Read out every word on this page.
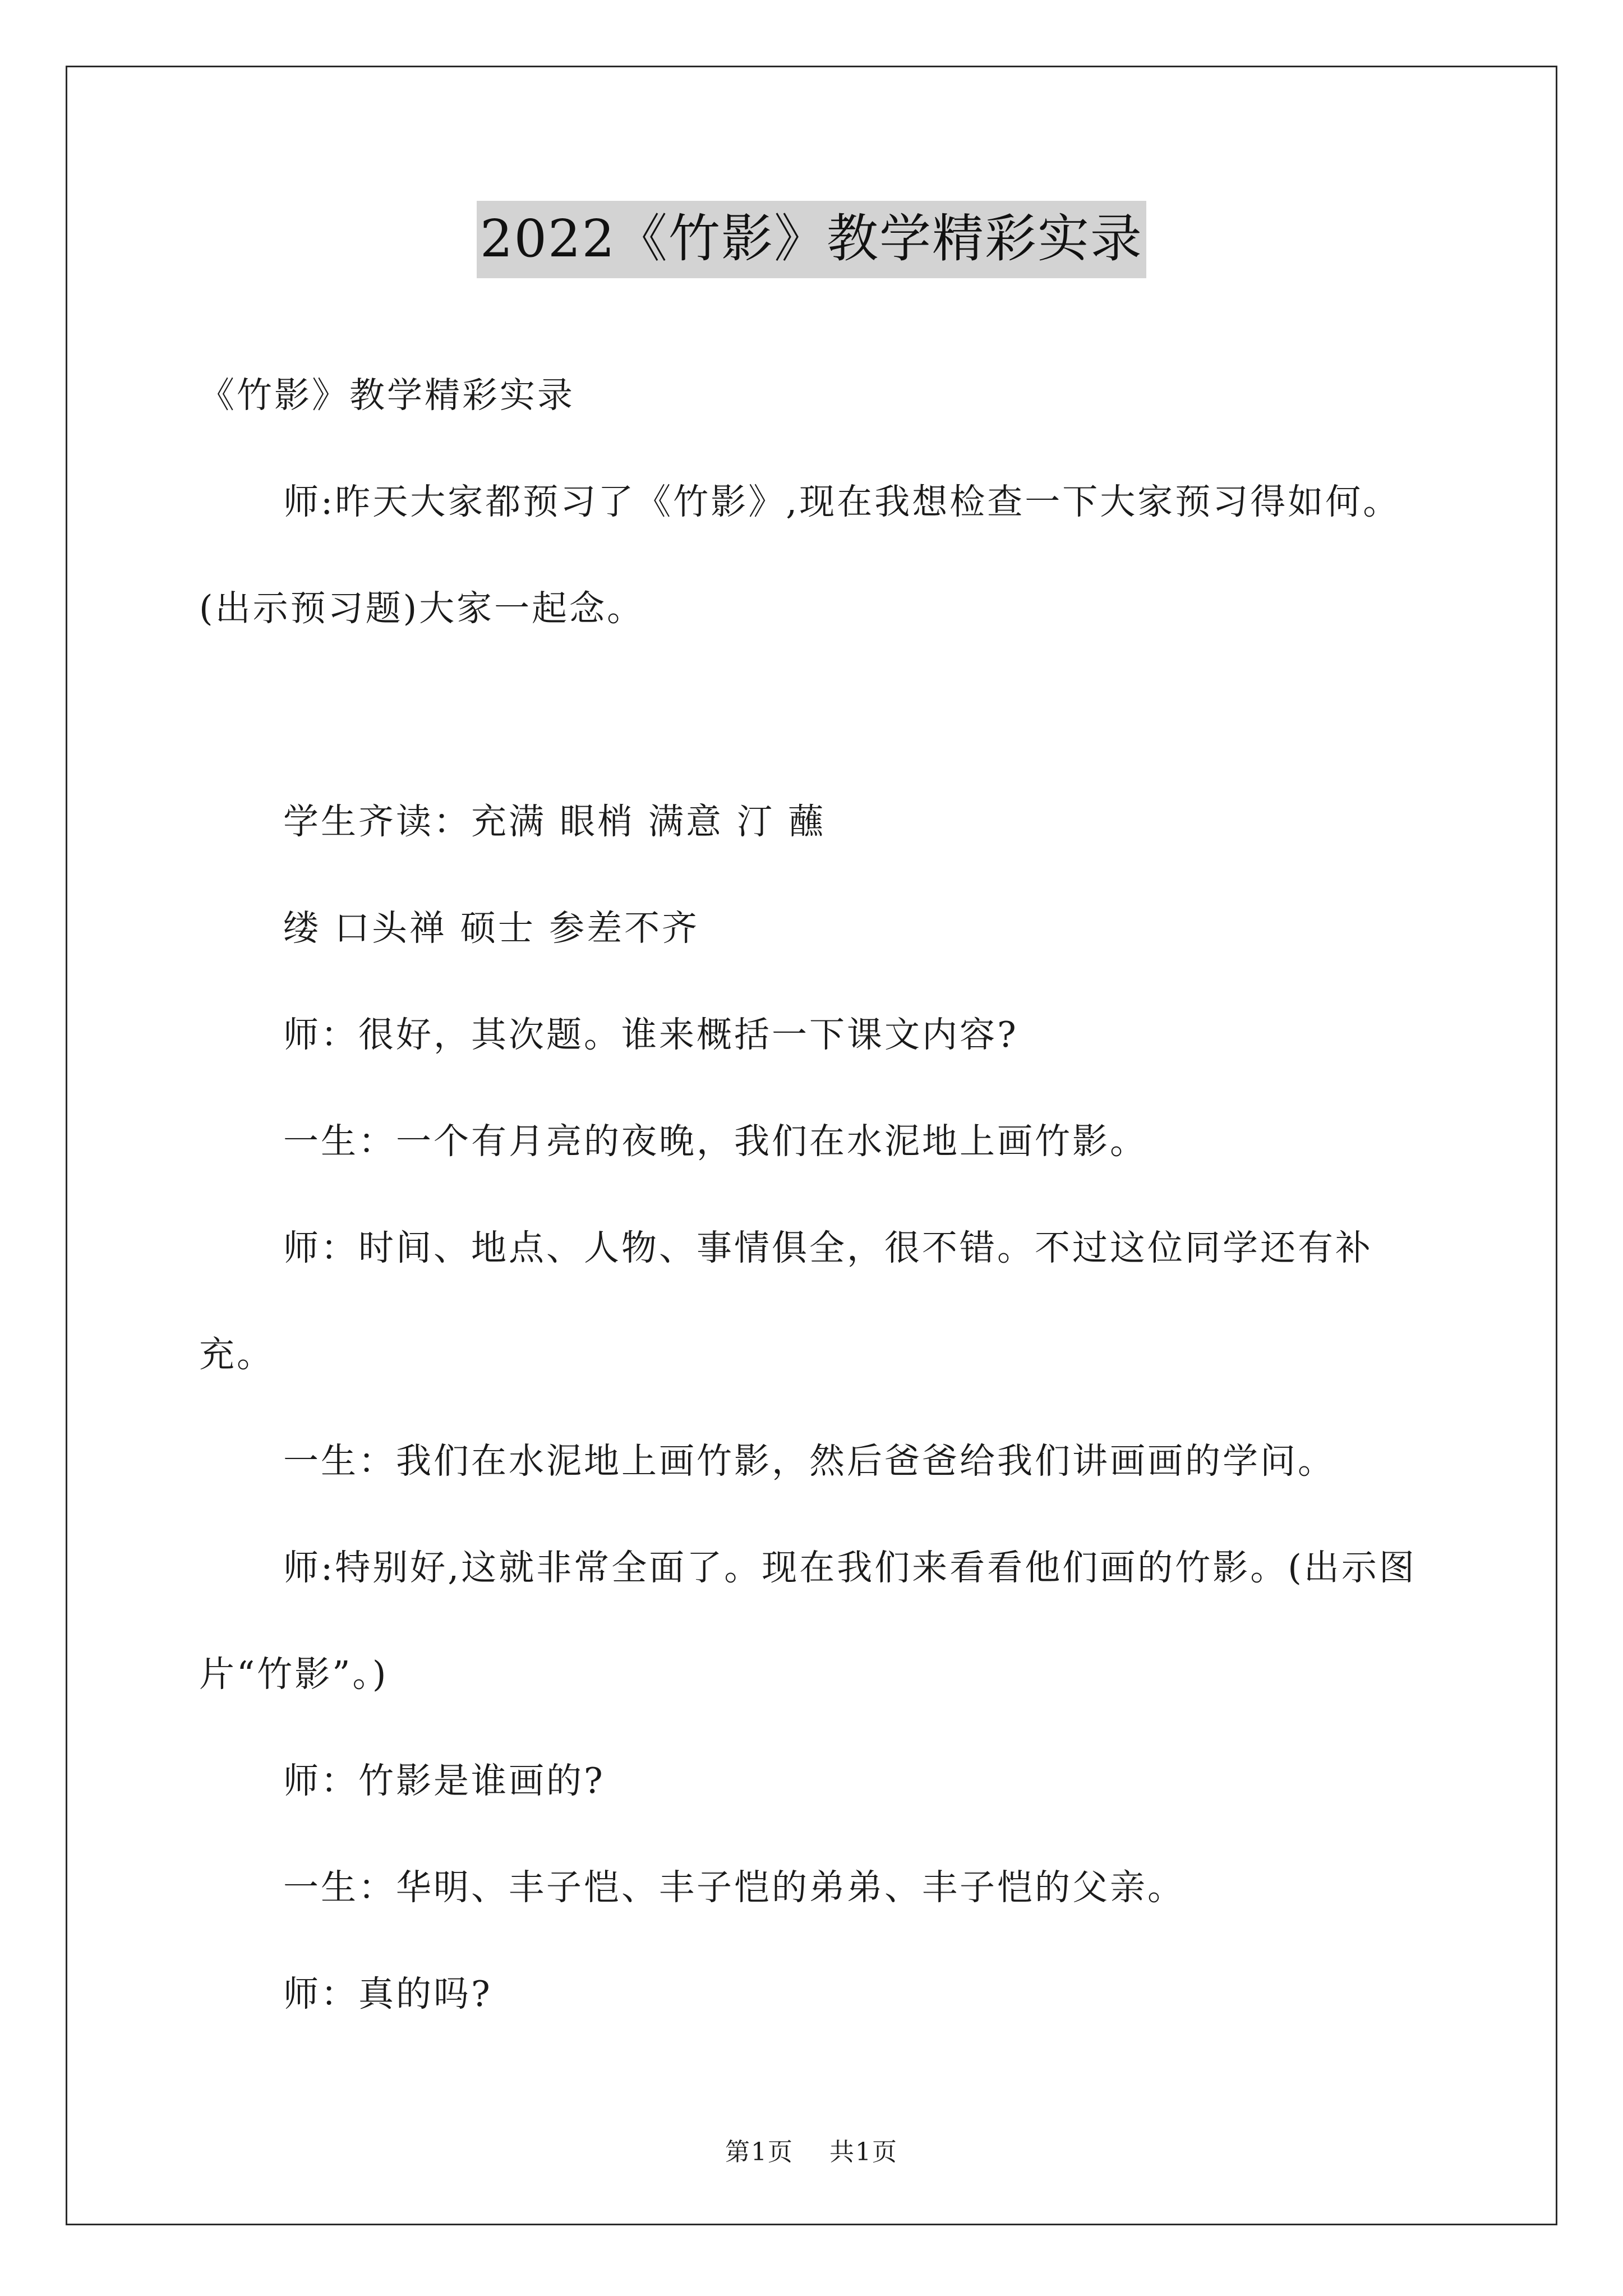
2022《竹影》教学精彩实录

《竹影》教学精彩实录

师:昨天大家都预习了《竹影》,现在我想检查一下大家预习得如何。(出示预习题)大家一起念。

学生齐读：充满 眼梢 满意 汀 蘸

缕 口头禅 硕士 参差不齐

师：很好，其次题。谁来概括一下课文内容?

一生：一个有月亮的夜晚，我们在水泥地上画竹影。

师：时间、地点、人物、事情俱全，很不错。不过这位同学还有补充。

一生：我们在水泥地上画竹影，然后爸爸给我们讲画画的学问。

师:特别好,这就非常全面了。现在我们来看看他们画的竹影。(出示图片“竹影”。)

师：竹影是谁画的?

一生：华明、丰子恺、丰子恺的弟弟、丰子恺的父亲。

师：真的吗?

第1页 共1页
